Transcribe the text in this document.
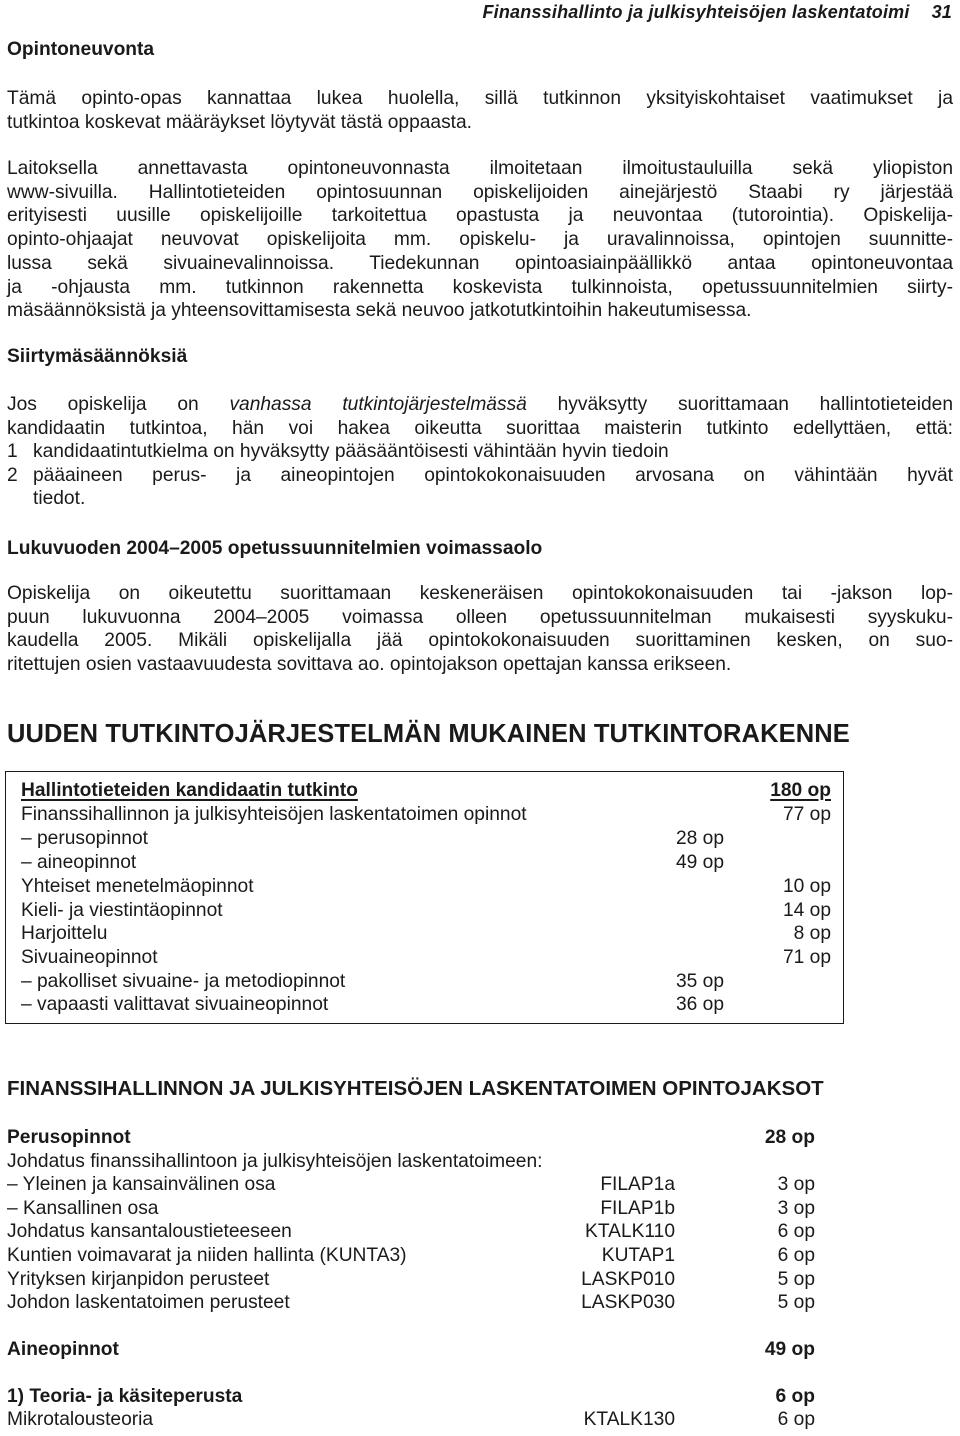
Finanssihallinto ja julkisyhteisöjen laskentatoimi 31
Opintoneuvonta
Tämä opinto-opas kannattaa lukea huolella, sillä tutkinnon yksityiskohtaiset vaatimukset ja
tutkintoa koskevat määräykset löytyvät tästä oppaasta.
Laitoksella annettavasta opintoneuvonnasta ilmoitetaan ilmoitustauluilla sekä yliopiston
www-sivuilla. Hallintotieteiden opintosuunnan opiskelijoiden ainejärjestö Staabi ry järjestää
erityisesti uusille opiskelijoille tarkoitettua opastusta ja neuvontaa (tutorointia). Opiskelija-
opinto-ohjaajat neuvovat opiskelijoita mm. opiskelu- ja uravalinnoissa, opintojen suunnitte-
lussa sekä sivuainevalinnoissa. Tiedekunnan opintoasiainpäällikkö antaa opintoneuvontaa
ja -ohjausta mm. tutkinnon rakennetta koskevista tulkinnoista, opetussuunnitelmien siirty-
mäsäännöksistä ja yhteensovittamisesta sekä neuvoo jatkotutkintoihin hakeutumisessa.
Siirtymäsäännöksiä
Jos opiskelija on vanhassa tutkintojärjestelmässä hyväksytty suorittamaan hallintotieteiden
kandidaatin tutkintoa, hän voi hakea oikeutta suorittaa maisterin tutkinto edellyttäen, että:
1 kandidaatintutkielma on hyväksytty pääsääntöisesti vähintään hyvin tiedoin
2 pääaineen perus- ja aineopintojen opintokokonaisuuden arvosana on vähintään hyvät
tiedot.
Lukuvuoden 2004–2005 opetussuunnitelmien voimassaolo
Opiskelija on oikeutettu suorittamaan keskeneräisen opintokokonaisuuden tai -jakson lop-
puun lukuvuonna 2004–2005 voimassa olleen opetussuunnitelman mukaisesti syyskuku-
kaudella 2005. Mikäli opiskelijalla jää opintokokonaisuuden suorittaminen kesken, on suo-
ritettujen osien vastaavuudesta sovittava ao. opintojakson opettajan kanssa erikseen.
UUDEN TUTKINTOJÄRJESTELMÄN MUKAINEN TUTKINTORAKENNE
Hallintotieteiden kandidaatin tutkinto	180 op
Finanssihallinnon ja julkisyhteisöjen laskentatoimen opinnot	77 op
– perusopinnot	28 op
– aineopinnot	49 op
Yhteiset menetelmäopinnot	10 op
Kieli- ja viestintäopinnot	14 op
Harjoittelu	8 op
Sivuaineopinnot	71 op
– pakolliset sivuaine- ja metodiopinnot	35 op
– vapaasti valittavat sivuaineopinnot	36 op
FINANSSIHALLINNON JA JULKISYHTEISÖJEN LASKENTATOIMEN OPINTOJAKSOT
Perusopinnot	28 op
Johdatus finanssihallintoon ja julkisyhteisöjen laskentatoimeen:
– Yleinen ja kansainvälinen osa	FILAP1a	3 op
– Kansallinen osa	FILAP1b	3 op
Johdatus kansantaloustieteeseen	KTALK110	6 op
Kuntien voimavarat ja niiden hallinta (KUNTA3)	KUTAP1	6 op
Yrityksen kirjanpidon perusteet	LASKP010	5 op
Johdon laskentatoimen perusteet	LASKP030	5 op
Aineopinnot	49 op
1) Teoria- ja käsiteperusta	6 op
Mikrotalousteoria	KTALK130	6 op
